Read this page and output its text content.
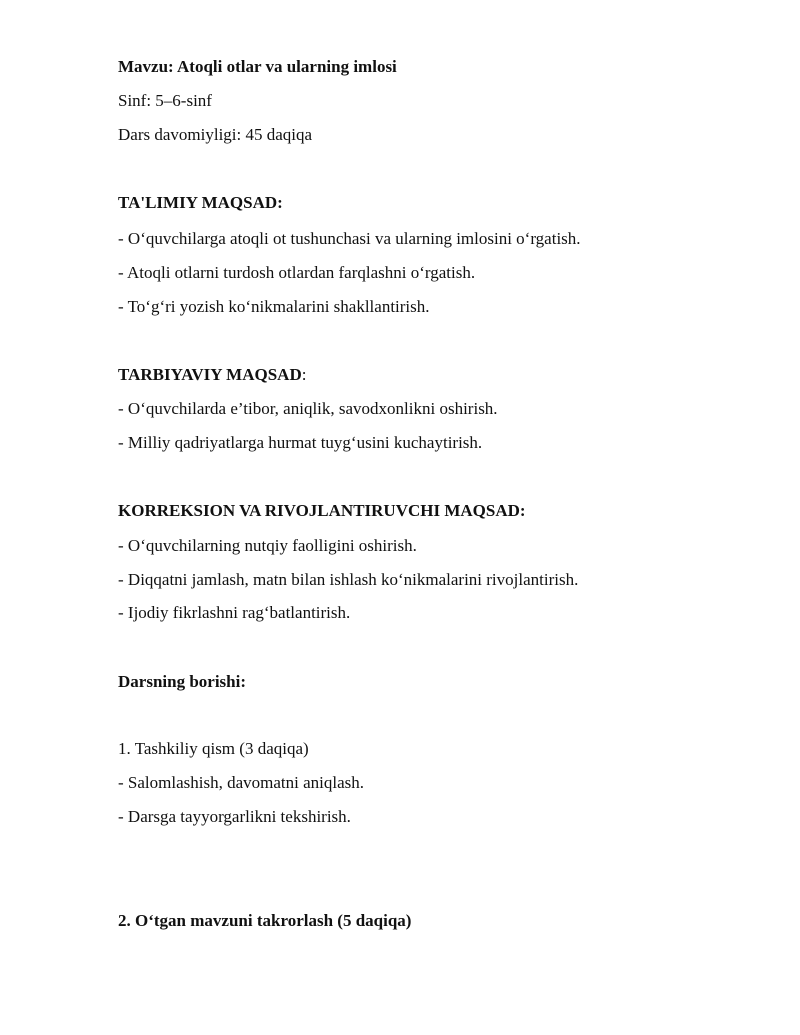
Mavzu: Atoqli otlar va ularning imlosi

Sinf: 5–6-sinf

Dars davomiyligi: 45 daqiqa

TA'LIMIY MAQSAD:

- O‘quvchilarga atoqli ot tushunchasi va ularning imlosini o‘rgatish.

- Atoqli otlarni turdosh otlardan farqlashni o‘rgatish.

- To‘g‘ri yozish ko‘nikmalarini shakllantirish.

TARBIYAVIY MAQSAD:

- O‘quvchilarda e’tibor, aniqlik, savodxonlikni oshirish.

- Milliy qadriyatlarga hurmat tuyg‘usini kuchaytirish.

KORREKSION VA RIVOJLANTIRUVCHI MAQSAD:

- O‘quvchilarning nutqiy faolligini oshirish.

- Diqqatni jamlash, matn bilan ishlash ko‘nikmalarini rivojlantirish.

- Ijodiy fikrlashni rag‘batlantirish.

Darsning borishi:

1. Tashkiliy qism (3 daqiqa)

- Salomlashish, davomatni aniqlash.

- Darsga tayyorgarlikni tekshirish.

2. O‘tgan mavzuni takrorlash (5 daqiqa)
